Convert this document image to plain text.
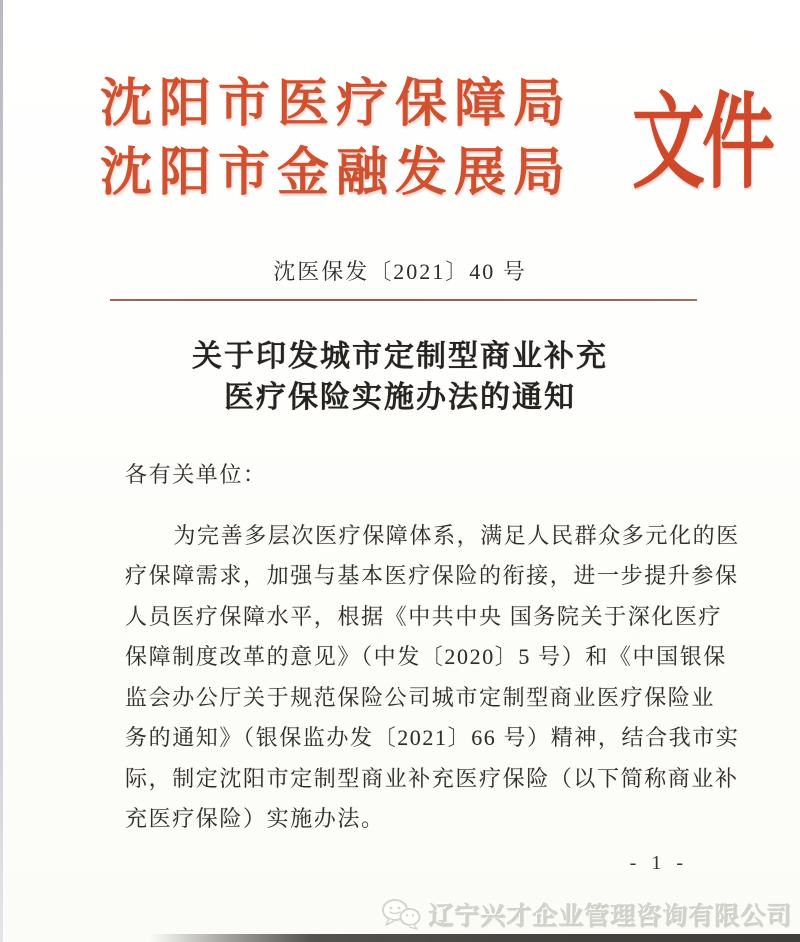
沈阳市医疗保障局
沈阳市金融发展局 文件
沈医保发〔2021〕40 号
关于印发城市定制型商业补充
医疗保险实施办法的通知
各有关单位：
为完善多层次医疗保障体系，满足人民群众多元化的医
疗保障需求，加强与基本医疗保险的衔接，进一步提升参保
人员医疗保障水平，根据《中共中央 国务院关于深化医疗
保障制度改革的意见》（中发〔2020〕5 号）和《中国银保
监会办公厅关于规范保险公司城市定制型商业医疗保险业
务的通知》（银保监办发〔2021〕66 号）精神，结合我市实
际，制定沈阳市定制型商业补充医疗保险（以下简称商业补
充医疗保险）实施办法。
- 1 -
辽宁兴才企业管理咨询有限公司
